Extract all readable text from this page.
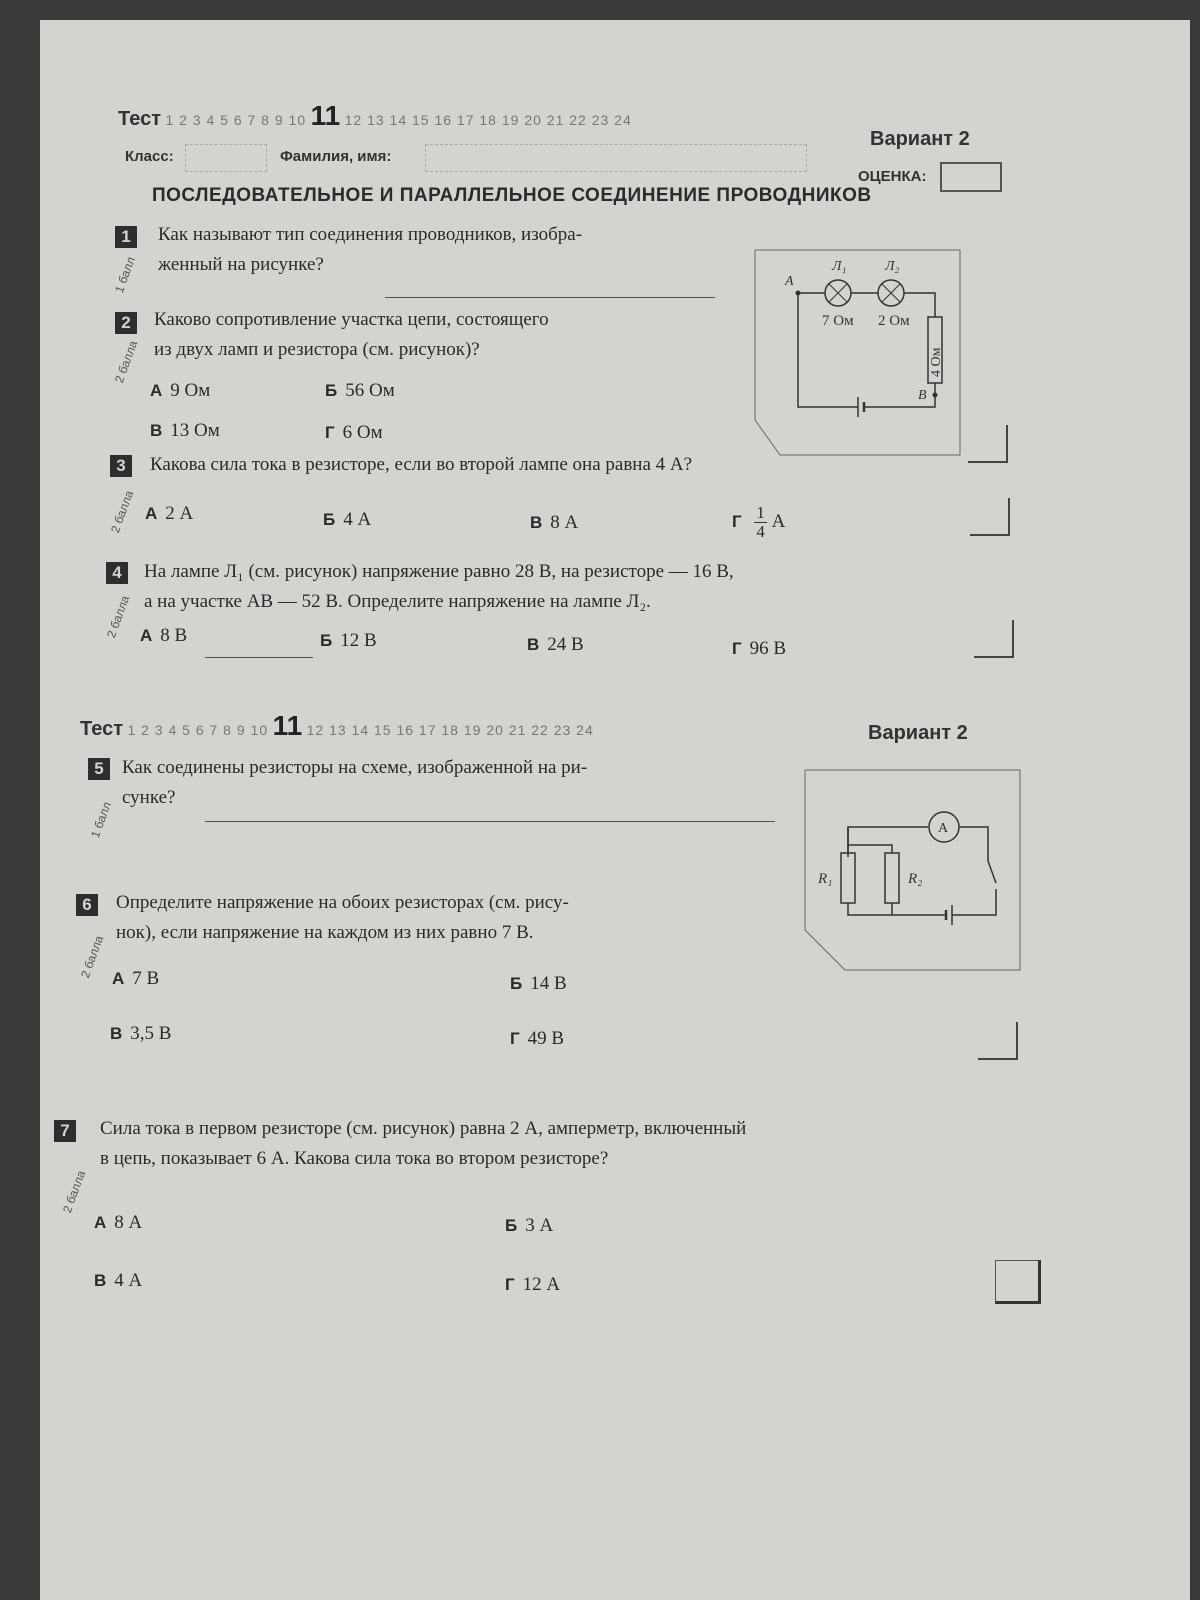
Тест 1 2 3 4 5 6 7 8 9 10 11 12 13 14 15 16 17 18 19 20 21 22 23 24
Вариант 2
Класс:	Фамилия, имя:
ОЦЕНКА:
ПОСЛЕДОВАТЕЛЬНОЕ И ПАРАЛЛЕЛЬНОЕ СОЕДИНЕНИЕ ПРОВОДНИКОВ
1
1 балл
Как называют тип соединения проводников, изобра-
женный на рисунке?
A
B
Л₁	Л₂
7 Ом 2 Ом
4 Ом
2
2 балла
Каково сопротивление участка цепи, состоящего
из двух ламп и резистора (см. рисунок)?
А 9 Ом	Б 56 Ом
В 13 Ом	Г 6 Ом
3
2 балла
Какова сила тока в резисторе, если во второй лампе она равна 4 А?
А 2 А	Б 4 А	В 8 А	Г $\frac{1}{4}$ А
4
2 балла
На лампе Л₁ (см. рисунок) напряжение равно 28 В, на резисторе — 16 В,
а на участке АВ — 52 В. Определите напряжение на лампе Л₂.
А 8 В	Б 12 В	В 24 В	Г 96 В
Тест 1 2 3 4 5 6 7 8 9 10 11 12 13 14 15 16 17 18 19 20 21 22 23 24	Вариант 2
5
1 балл
Как соединены резисторы на схеме, изображенной на ри-
сунке?
A
R₁	R₂
6
2 балла
Определите напряжение на обоих резисторах (см. рису-
нок), если напряжение на каждом из них равно 7 В.
А 7 В	Б 14 В
В 3,5 В	Г 49 В
7
2 балла
Сила тока в первом резисторе (см. рисунок) равна 2 А, амперметр, включенный
в цепь, показывает 6 А. Какова сила тока во втором резисторе?
А 8 А	Б 3 А
В 4 А	Г 12 А
